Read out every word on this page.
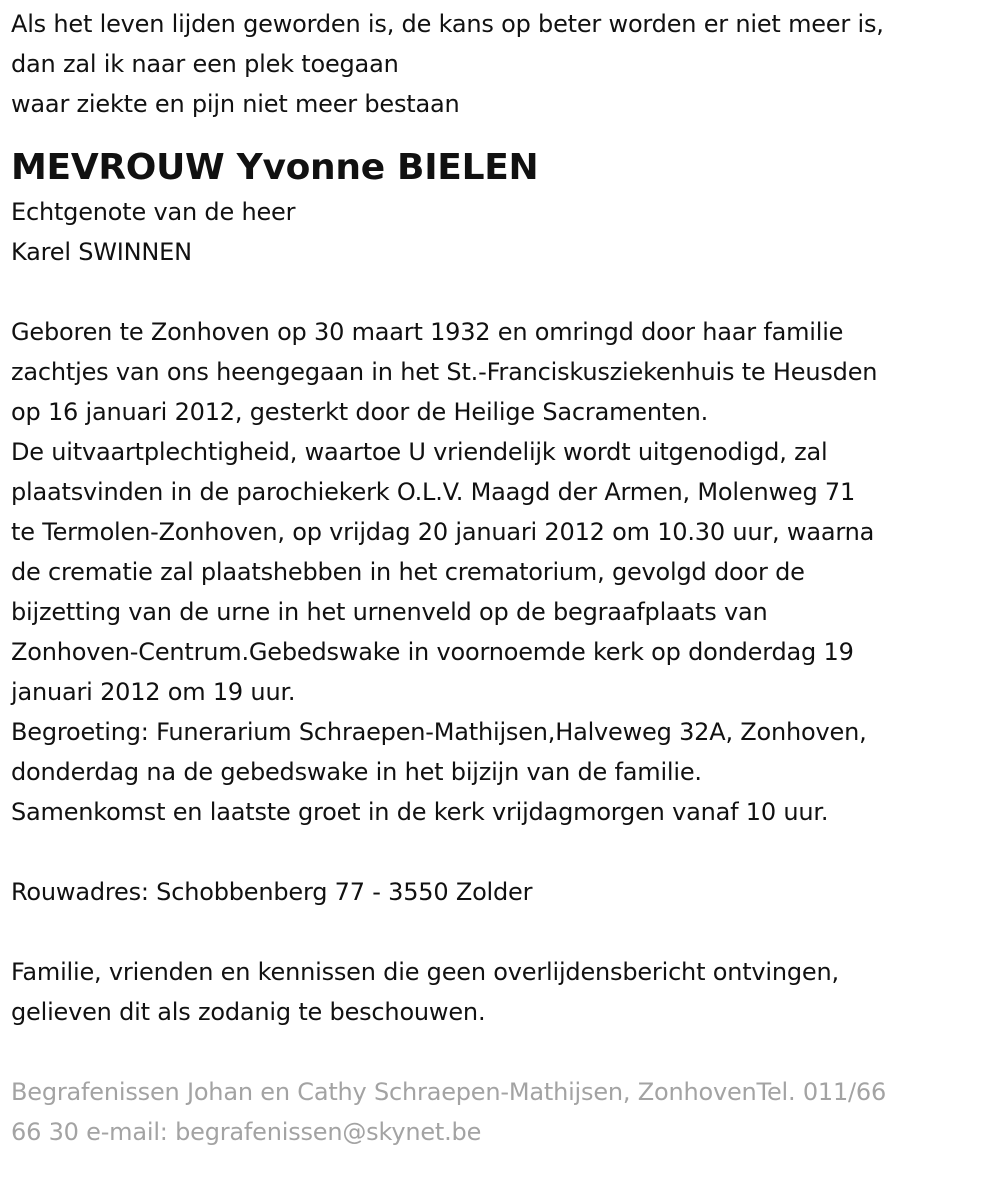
Als het leven lijden geworden is, de kans op beter worden er niet meer is,
dan zal ik naar een plek toegaan
waar ziekte en pijn niet meer bestaan
MEVROUW Yvonne BIELEN
Echtgenote van de heer
Karel SWINNEN
Geboren te Zonhoven op 30 maart 1932 en omringd door haar familie
zachtjes van ons heengegaan in het St.-Franciskusziekenhuis te Heusden
op 16 januari 2012, gesterkt door de Heilige Sacramenten.
De uitvaartplechtigheid, waartoe U vriendelijk wordt uitgenodigd, zal
plaatsvinden in de parochiekerk O.L.V. Maagd der Armen, Molenweg 71
te Termolen-Zonhoven, op vrijdag 20 januari 2012 om 10.30 uur, waarna
de crematie zal plaatshebben in het crematorium, gevolgd door de
bijzetting van de urne in het urnenveld op de begraafplaats van
Zonhoven-Centrum.Gebedswake in voornoemde kerk op donderdag 19
januari 2012 om 19 uur.
Begroeting: Funerarium Schraepen-Mathijsen,Halveweg 32A, Zonhoven,
donderdag na de gebedswake in het bijzijn van de familie.
Samenkomst en laatste groet in de kerk vrijdagmorgen vanaf 10 uur.
Rouwadres: Schobbenberg 77 - 3550 Zolder
Familie, vrienden en kennissen die geen overlijdensbericht ontvingen,
gelieven dit als zodanig te beschouwen.
Begrafenissen Johan en Cathy Schraepen-Mathijsen, ZonhovenTel. 011/66
66 30 e-mail: begrafenissen@skynet.be
